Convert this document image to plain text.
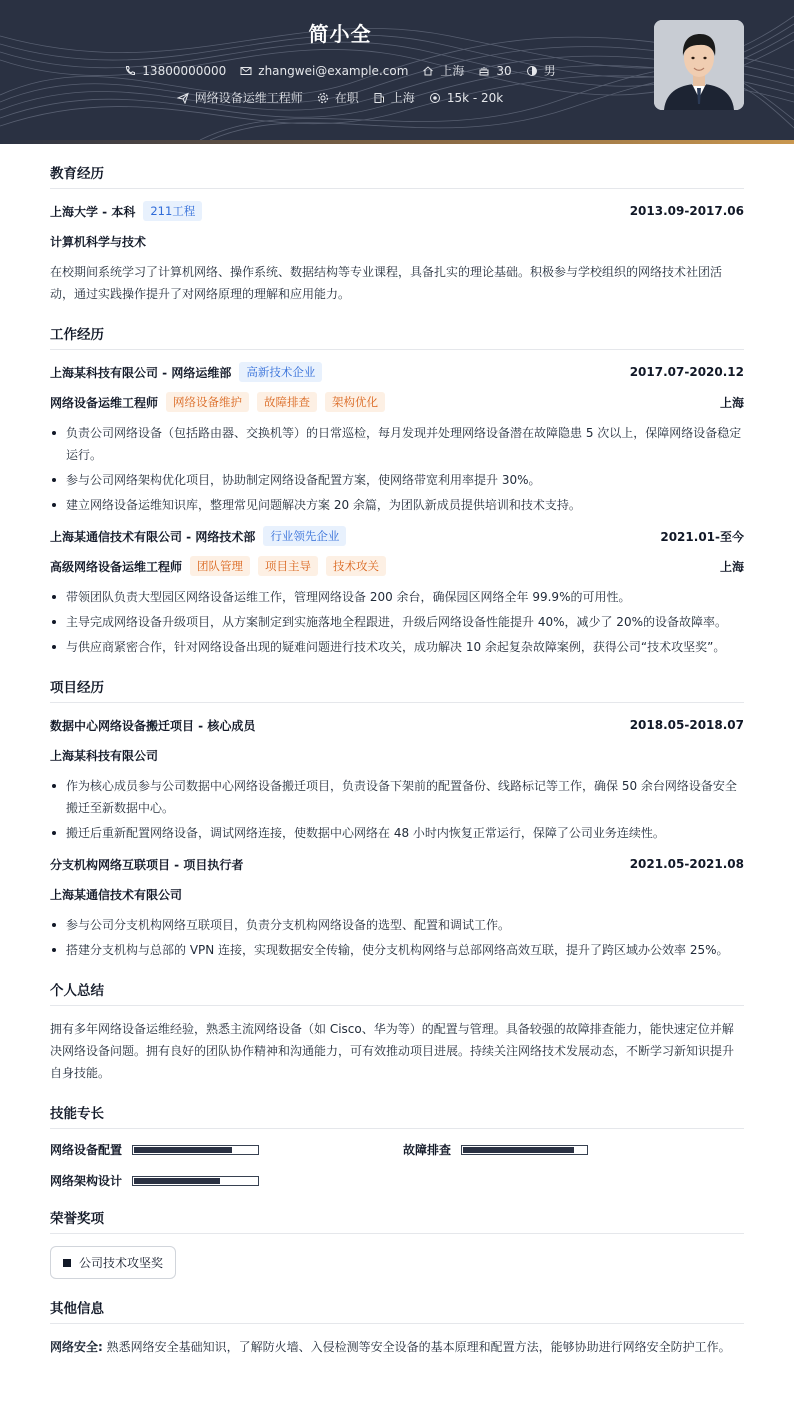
简小全
13800000000	zhangwei@example.com	上海	30	男
网络设备运维工程师	在职	上海	15k - 20k
教育经历
上海大学 - 本科	211工程	2013.09-2017.06
计算机科学与技术
在校期间系统学习了计算机网络、操作系统、数据结构等专业课程，具备扎实的理论基础。积极参与学校组织的网络技术社团活动，通过实践操作提升了对网络原理的理解和应用能力。
工作经历
上海某科技有限公司 - 网络运维部	高新技术企业	2017.07-2020.12
网络设备运维工程师	网络设备维护	故障排查	架构优化	上海
负责公司网络设备（包括路由器、交换机等）的日常巡检，每月发现并处理网络设备潜在故障隐患 5 次以上，保障网络设备稳定运行。
参与公司网络架构优化项目，协助制定网络设备配置方案，使网络带宽利用率提升 30%。
建立网络设备运维知识库，整理常见问题解决方案 20 余篇，为团队新成员提供培训和技术支持。
上海某通信技术有限公司 - 网络技术部	行业领先企业	2021.01-至今
高级网络设备运维工程师	团队管理	项目主导	技术攻关	上海
带领团队负责大型园区网络设备运维工作，管理网络设备 200 余台，确保园区网络全年 99.9%的可用性。
主导完成网络设备升级项目，从方案制定到实施落地全程跟进，升级后网络设备性能提升 40%，减少了 20%的设备故障率。
与供应商紧密合作，针对网络设备出现的疑难问题进行技术攻关，成功解决 10 余起复杂故障案例，获得公司“技术攻坚奖”。
项目经历
数据中心网络设备搬迁项目 - 核心成员	2018.05-2018.07
上海某科技有限公司
作为核心成员参与公司数据中心网络设备搬迁项目，负责设备下架前的配置备份、线路标记等工作，确保 50 余台网络设备安全搬迁至新数据中心。
搬迁后重新配置网络设备，调试网络连接，使数据中心网络在 48 小时内恢复正常运行，保障了公司业务连续性。
分支机构网络互联项目 - 项目执行者	2021.05-2021.08
上海某通信技术有限公司
参与公司分支机构网络互联项目，负责分支机构网络设备的选型、配置和调试工作。
搭建分支机构与总部的 VPN 连接，实现数据安全传输，使分支机构网络与总部网络高效互联，提升了跨区域办公效率 25%。
个人总结
拥有多年网络设备运维经验，熟悉主流网络设备（如 Cisco、华为等）的配置与管理。具备较强的故障排查能力，能快速定位并解决网络设备问题。拥有良好的团队协作精神和沟通能力，可有效推动项目进展。持续关注网络技术发展动态，不断学习新知识提升自身技能。
技能专长
网络设备配置	故障排查
网络架构设计
荣誉奖项
公司技术攻坚奖
其他信息
网络安全: 熟悉网络安全基础知识，了解防火墙、入侵检测等安全设备的基本原理和配置方法，能够协助进行网络安全防护工作。
